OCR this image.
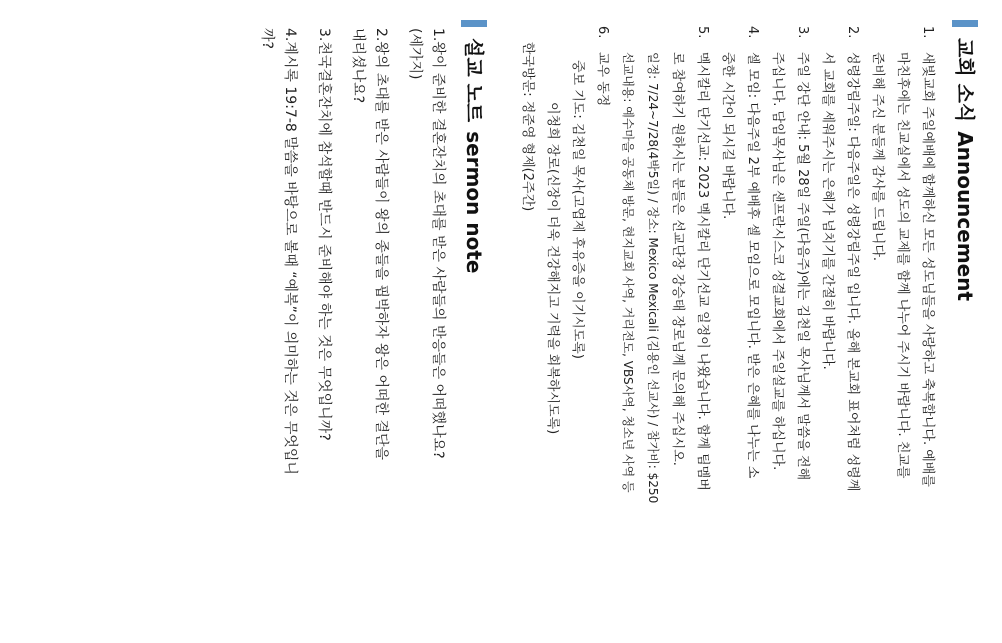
교회 소식Announcement
1.
새빛교회 주일예배에 함께하신 모든 성도님들을 사랑하고 축복합니다. 예배를
마친후에는 친교실에서 성도의 교제를 함께 나누어 주시기 바랍니다. 친교를
준비해 주신 분들께 감사를 드립니다.
2.
성령강림주일: 다음주일은 성령강림주일 입니다. 올해 본교회 표어처럼 성령께
서 교회를 세워주시는 은혜가 넘치기를 간절히 바랍니다.
3.
주일 강단 안내: 5월 28일 주일(다음주)에는 김천일 목사님께서 말씀을 전해
주십니다. 담임목사님은 샌프란시스코 성결교회에서 주일설교를 하십니다.
4.
셀 모임: 다음주일 2부 예배후 셀 모임으로 모입니다. 받은 은혜를 나누는 소
중한 시간이 되시길 바랍니다.
5.
멕시칼리 단기선교: 2023 멕시칼리 단기선교 일정이 나왔습니다. 함께 팀멤버
로 참여하기 원하시는 분들은 선교단장 강승태 장로님께 문의해 주십시오.
일정: 7/24~7/28(4박5일) / 장소: Mexico Mexicali (김용인 선교사) / 참가비: $250
선교내용: 예수마을 공동체 방문, 현지교회 사역, 거리전도, VBS사역, 청소년 사역 등
6.
교우 동정
중보 기도: 김천일 목사(고엽제 후유증을 이기시도록)
이청희 장로(신장이 더욱 건강해지고 기력을 회복하시도록)
한국방문: 정준영 형제(2주간)
설교 노트sermon note
1.왕이 준비한 결혼잔치의 초대를 받은 사람들의 반응들은 어떠했나요?
(세가지)
2.왕의 초대를 받은 사람들이 왕의 종들을 핍박하자 왕은 어떠한 결단을
내리셨나요?
3.천국결혼잔치에 참석할때 반드시 준비해야 하는 것은 무엇입니까?
4.계시록 19:7-8 말씀을 바탕으로 볼때 “예복”이 의미하는 것은 무엇입니
까?
